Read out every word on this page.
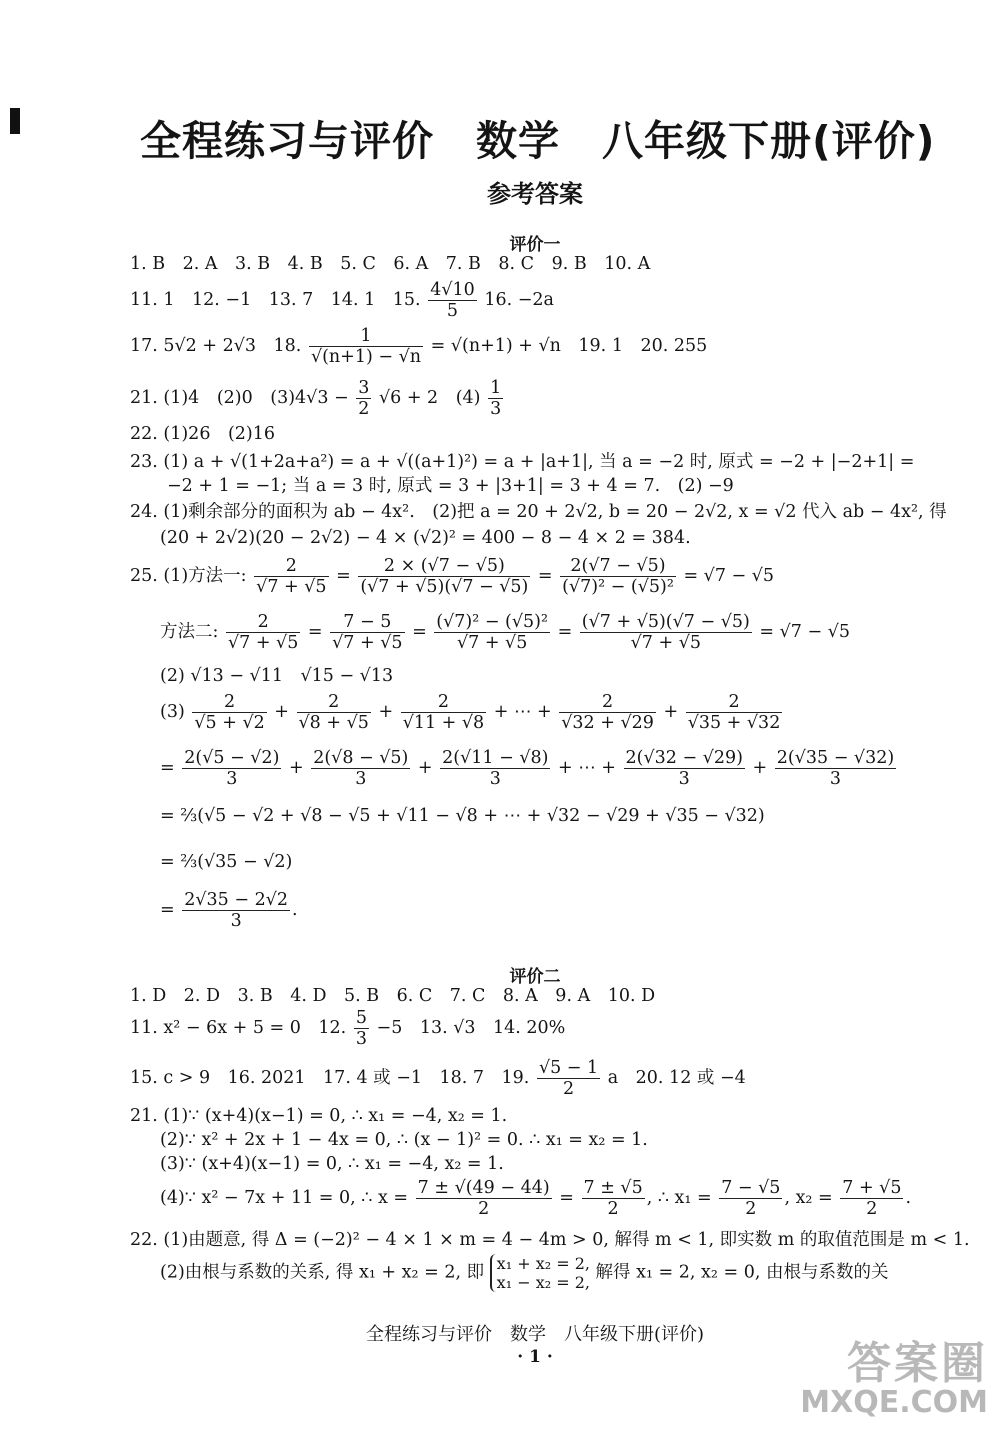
全程练习与评价　数学　八年级下册(评价)
参考答案
评价一
1. B　2. A　3. B　4. B　5. C　6. A　7. B　8. C　9. B　10. A
11. 1　12. −1　13. 7　14. 1　15. $\frac{4√10}{5} 16$. −2a
17. 5√2 + 2√3　18. $\frac{1}{√(n+1) - √n} = √(n+1) + √n$　19. 1　20. 255
21. (1)4　(2)0　$(3)4√3 - \frac{3}{2} √6 + 2$　$(4) \frac{1}{3}$
22. (1)26　(2)16
23. (1) a + √(1+2a+a²) = a + √((a+1)²) = a + |a+1|, 当 a = −2 时, 原式 = −2 + |−2+1| =
−2 + 1 = −1; 当 a = 3 时, 原式 = 3 + |3+1| = 3 + 4 = 7.　(2) −9
24. (1)剩余部分的面积为 ab − 4x².　(2)把 a = 20 + 2√2, b = 20 − 2√2, x = √2 代入 ab − 4x², 得
(20 + 2√2)(20 − 2√2) − 4 × (√2)² = 400 − 8 − 4 × 2 = 384.
25. (1)方法一: $\frac{2}{√7 + √5} = \frac{2 \times (√7 - √5)}{(√7 + √5)(√7 - √5)} = \frac{2(√7 - √5)}{\text{(√7)² − (√5)²}} = √7 - √5$
方法二: $\frac{2}{√7 + √5} = \frac{7 - 5}{√7 + √5} = \frac{\text{(√7)² − (√5)²}}{√7 + √5} = \frac{(√7 + √5)(√7 - √5)}{√7 + √5} = √7 - √5$
(2) √13 − √11　√15 − √13
$(3) \frac{2}{√5 + √2} + \frac{2}{√8 + √5} + \frac{2}{√11 + √8}$ + ⋯ + $\frac{2}{√32 + √29} + \frac{2}{√35 + √32}$
= $\frac{2(√5 - √2)}{3} + \frac{2(√8 - √5)}{3} + \frac{2(√11 - √8)}{3}$ + ⋯ + $\frac{2(√32 - √29)}{3} + \frac{2(√35 - √32)}{3}$
= ⅔(√5 − √2 + √8 − √5 + √11 − √8 + ⋯ + √32 − √29 + √35 − √32)
= ⅔(√35 − √2)
= $\frac{2√35 - 2√2}{3}$ .
评价二
1. D　2. D　3. B　4. D　5. B　6. C　7. C　8. A　9. A　10. D
11. x² − 6x + 5 = 0　12. $\frac{5}{3} -5$　13. √3　14. 20%
15. c > 9　16. 2021　17. 4 或 −1　18. 7　19. $\frac{√5 - 1}{2}$ a　20. 12 或 −4
21. (1)∵ (x+4)(x−1) = 0, ∴ x₁ = −4, x₂ = 1.
(2)∵ x² + 2x + 1 − 4x = 0, ∴ (x − 1)² = 0. ∴ x₁ = x₂ = 1.
(3)∵ (x+4)(x−1) = 0, ∴ x₁ = −4, x₂ = 1.
(4)∵ x² − 7x + 11 = 0, ∴ $x = \frac{7 \pm √(49 - 44)}{2} = \frac{7 \pm √5}{2}$ , ∴ $x_1 = \frac{7 - √5}{2}$ , $x_2 = \frac{7 + √5}{2}$ .
22. (1)由题意, 得 Δ = (−2)² − 4 × 1 × m = 4 − 4m > 0, 解得 m < 1, 即实数 m 的取值范围是 m < 1.
(2)由根与系数的关系, 得 x₁ + x₂ = 2, 即 x₁ + x₂ = 2,
x₁ − x₂ = 2, 解得 x₁ = 2, x₂ = 0, 由根与系数的关
全程练习与评价　数学　八年级下册(评价)
· 1 ·	答案圈
MXQE.COM
